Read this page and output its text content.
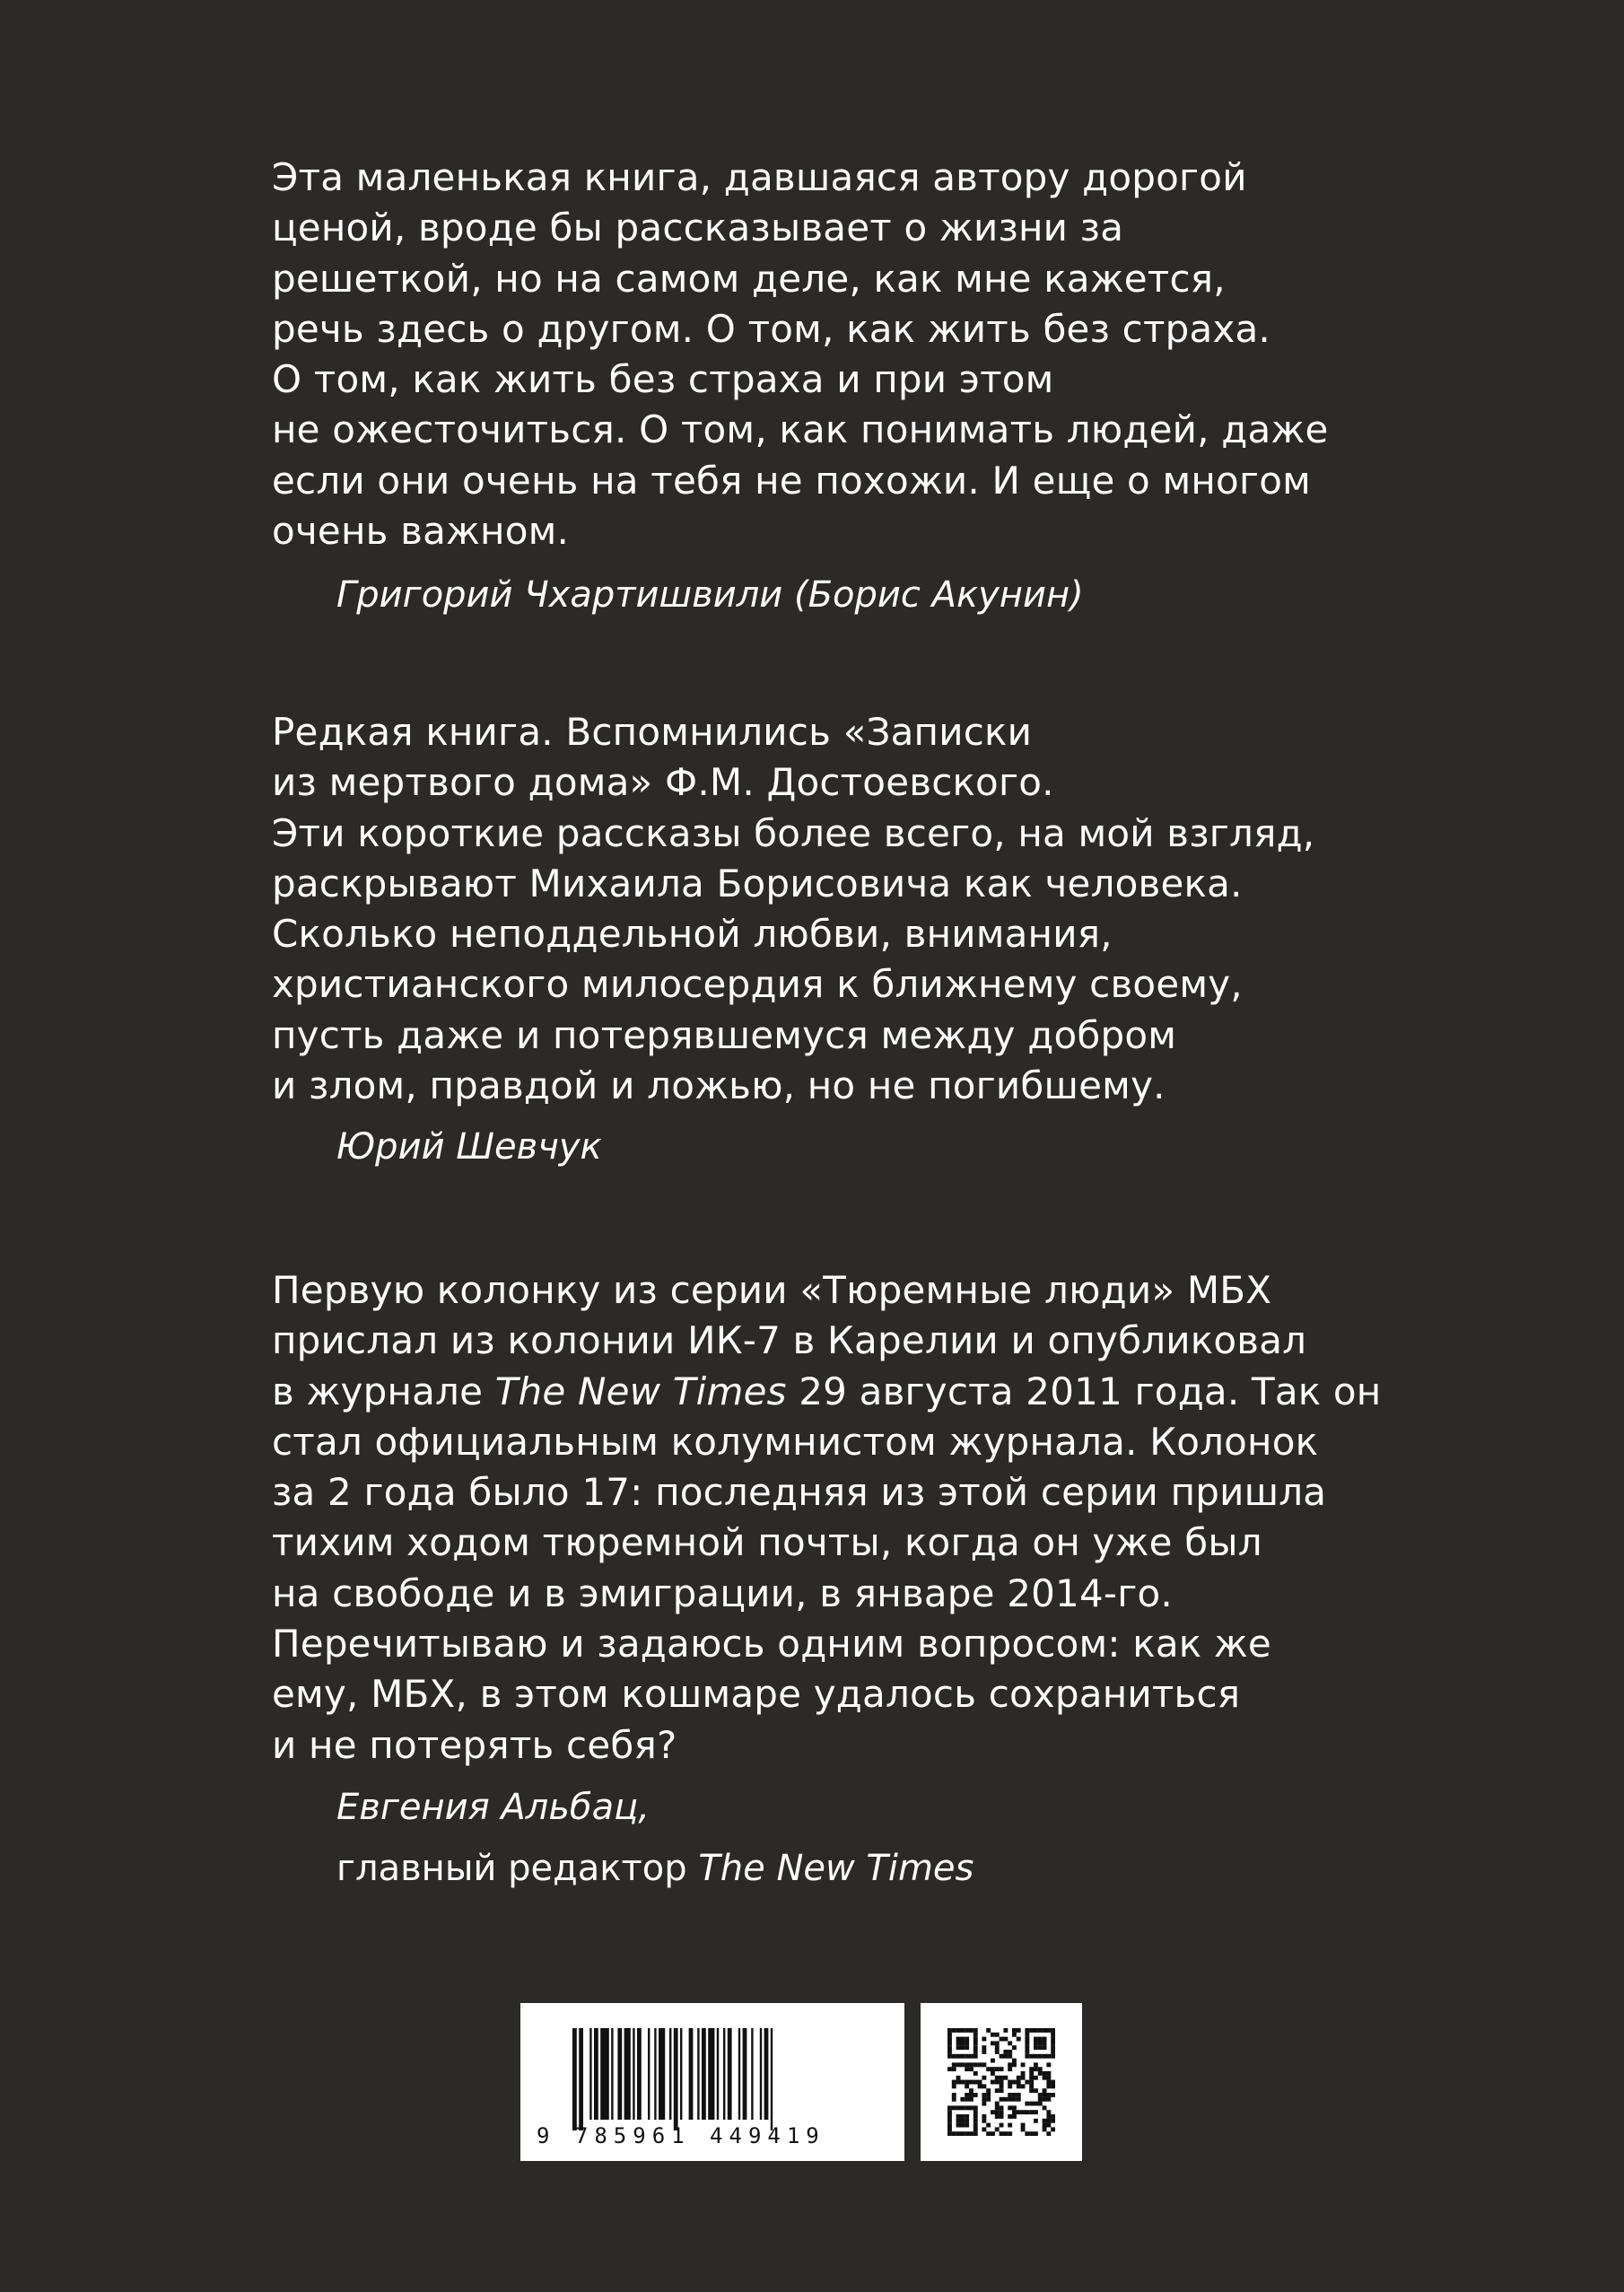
Эта маленькая книга, давшаяся автору дорогой
ценой, вроде бы рассказывает о жизни за
решеткой, но на самом деле, как мне кажется,
речь здесь о другом. О том, как жить без страха.
О том, как жить без страха и при этом
не ожесточиться. О том, как понимать людей, даже
если они очень на тебя не похожи. И еще о многом
очень важном.

Григорий Чхартишвили (Борис Акунин)

Редкая книга. Вспомнились «Записки
из мертвого дома» Ф.М. Достоевского.
Эти короткие рассказы более всего, на мой взгляд,
раскрывают Михаила Борисовича как человека.
Сколько неподдельной любви, внимания,
христианского милосердия к ближнему своему,
пусть даже и потерявшемуся между добром
и злом, правдой и ложью, но не погибшему.

Юрий Шевчук

Первую колонку из серии «Тюремные люди» МБХ
прислал из колонии ИК-7 в Карелии и опубликовал
в журнале The New Times 29 августа 2011 года. Так он
стал официальным колумнистом журнала. Колонок
за 2 года было 17: последняя из этой серии пришла
тихим ходом тюремной почты, когда он уже был
на свободе и в эмиграции, в январе 2014-го.
Перечитываю и задаюсь одним вопросом: как же
ему, МБХ, в этом кошмаре удалось сохраниться
и не потерять себя?

Евгения Альбац,

главный редактор The New Times

9 785961 449419
